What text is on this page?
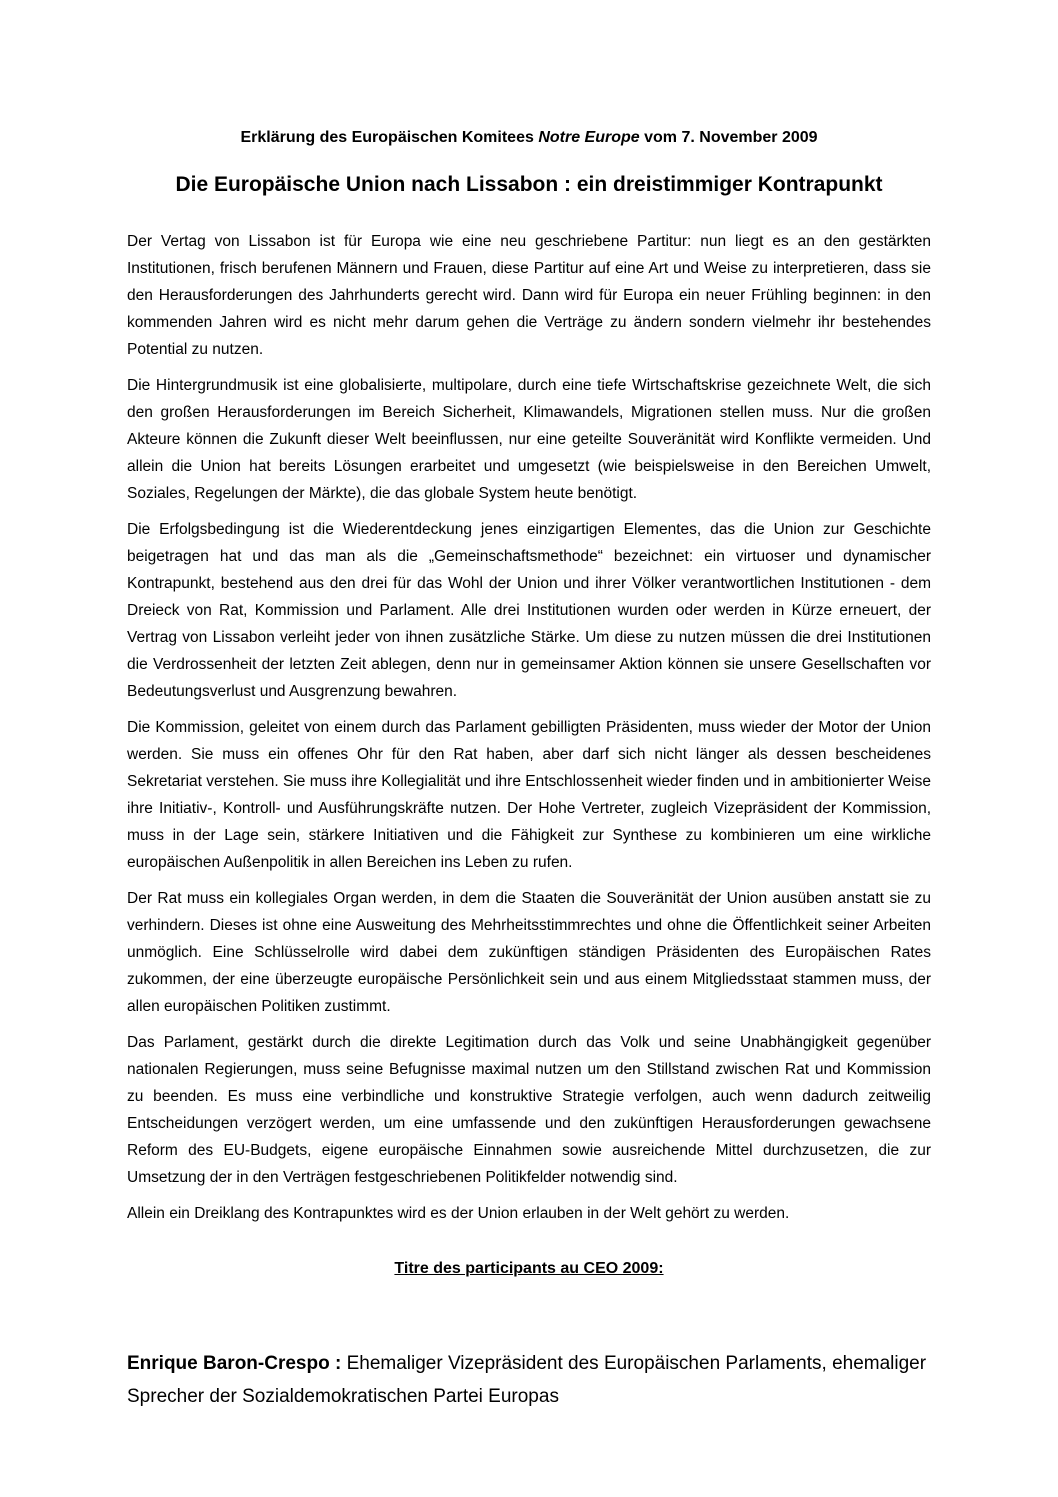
Erklärung des Europäischen Komitees Notre Europe vom 7. November 2009

Die Europäische Union nach Lissabon : ein dreistimmiger Kontrapunkt

Der Vertag von Lissabon ist für Europa wie eine neu geschriebene Partitur: nun liegt es an den gestärkten Institutionen, frisch berufenen Männern und Frauen, diese Partitur auf eine Art und Weise zu interpretieren, dass sie den Herausforderungen des Jahrhunderts gerecht wird. Dann wird für Europa ein neuer Frühling beginnen: in den kommenden Jahren wird es nicht mehr darum gehen die Verträge zu ändern sondern vielmehr ihr bestehendes Potential zu nutzen.

Die Hintergrundmusik ist eine globalisierte, multipolare, durch eine tiefe Wirtschaftskrise gezeichnete Welt, die sich den großen Herausforderungen im Bereich Sicherheit, Klimawandels, Migrationen stellen muss. Nur die großen Akteure können die Zukunft dieser Welt beeinflussen, nur eine geteilte Souveränität wird Konflikte vermeiden. Und allein die Union hat bereits Lösungen erarbeitet und umgesetzt (wie beispielsweise in den Bereichen Umwelt, Soziales, Regelungen der Märkte), die das globale System heute benötigt.

Die Erfolgsbedingung ist die Wiederentdeckung jenes einzigartigen Elementes, das die Union zur Geschichte beigetragen hat und das man als die „Gemeinschaftsmethode“ bezeichnet: ein virtuoser und dynamischer Kontrapunkt, bestehend aus den drei für das Wohl der Union und ihrer Völker verantwortlichen Institutionen - dem Dreieck von Rat, Kommission und Parlament. Alle drei Institutionen wurden oder werden in Kürze erneuert, der Vertrag von Lissabon verleiht jeder von ihnen zusätzliche Stärke. Um diese zu nutzen müssen die drei Institutionen die Verdrossenheit der letzten Zeit ablegen, denn nur in gemeinsamer Aktion können sie unsere Gesellschaften vor Bedeutungsverlust und Ausgrenzung bewahren.

Die Kommission, geleitet von einem durch das Parlament gebilligten Präsidenten, muss wieder der Motor der Union werden. Sie muss ein offenes Ohr für den Rat haben, aber darf sich nicht länger als dessen bescheidenes Sekretariat verstehen. Sie muss ihre Kollegialität und ihre Entschlossenheit wieder finden und in ambitionierter Weise ihre Initiativ-, Kontroll- und Ausführungskräfte nutzen. Der Hohe Vertreter, zugleich Vizepräsident der Kommission, muss in der Lage sein, stärkere Initiativen und die Fähigkeit zur Synthese zu kombinieren um eine wirkliche europäischen Außenpolitik in allen Bereichen ins Leben zu rufen.

Der Rat muss ein kollegiales Organ werden, in dem die Staaten die Souveränität der Union ausüben anstatt sie zu verhindern. Dieses ist ohne eine Ausweitung des Mehrheitsstimmrechtes und ohne die Öffentlichkeit seiner Arbeiten unmöglich. Eine Schlüsselrolle wird dabei dem zukünftigen ständigen Präsidenten des Europäischen Rates zukommen, der eine überzeugte europäische Persönlichkeit sein und aus einem Mitgliedsstaat stammen muss, der allen europäischen Politiken zustimmt.

Das Parlament, gestärkt durch die direkte Legitimation durch das Volk und seine Unabhängigkeit gegenüber nationalen Regierungen, muss seine Befugnisse maximal nutzen um den Stillstand zwischen Rat und Kommission zu beenden. Es muss eine verbindliche und konstruktive Strategie verfolgen, auch wenn dadurch zeitweilig Entscheidungen verzögert werden, um eine umfassende und den zukünftigen Herausforderungen gewachsene Reform des EU-Budgets, eigene europäische Einnahmen sowie ausreichende Mittel durchzusetzen, die zur Umsetzung der in den Verträgen festgeschriebenen Politikfelder notwendig sind.

Allein ein Dreiklang des Kontrapunktes wird es der Union erlauben in der Welt gehört zu werden.

Titre des participants au CEO 2009:

Enrique Baron-Crespo : Ehemaliger Vizepräsident des Europäischen Parlaments, ehemaliger Sprecher der Sozialdemokratischen Partei Europas
